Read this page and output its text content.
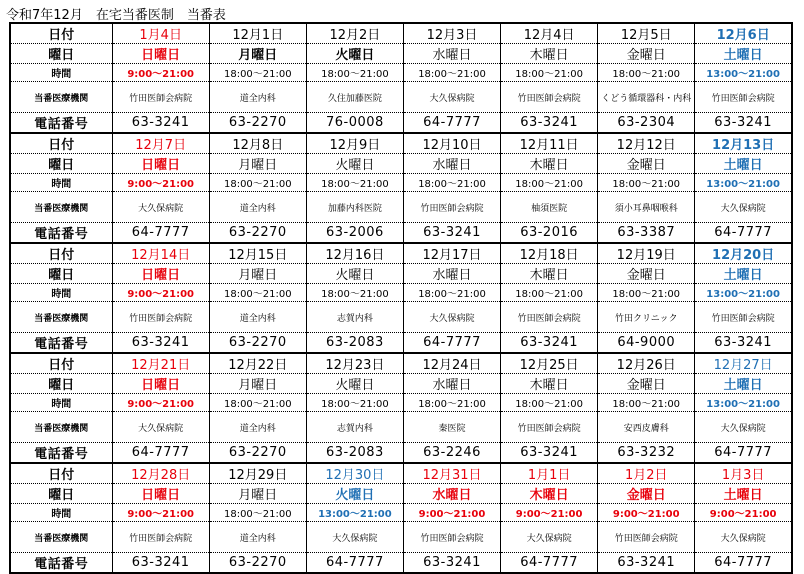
令和7年12月　在宅当番医制　当番表
日付	1月4日	12月1日	12月2日	12月3日	12月4日	12月5日	12月6日
曜日	日曜日	月曜日	火曜日	水曜日	木曜日	金曜日	土曜日
時間	9:00～21:00	18:00～21:00	18:00～21:00	18:00～21:00	18:00～21:00	18:00～21:00	13:00～21:00
当番医療機関	竹田医師会病院	道全内科	久住加藤医院	大久保病院	竹田医師会病院	くどう循環器科・内科	竹田医師会病院
電話番号	63-3241	63-2270	76-0008	64-7777	63-3241	63-2304	63-3241
日付	12月7日	12月8日	12月9日	12月10日	12月11日	12月12日	12月13日
曜日	日曜日	月曜日	火曜日	水曜日	木曜日	金曜日	土曜日
時間	9:00～21:00	18:00～21:00	18:00～21:00	18:00～21:00	18:00～21:00	18:00～21:00	13:00～21:00
当番医療機関	大久保病院	道全内科	加藤内科医院	竹田医師会病院	柚須医院	須小耳鼻咽喉科	大久保病院
電話番号	64-7777	63-2270	63-2006	63-3241	63-2016	63-3387	64-7777
日付	12月14日	12月15日	12月16日	12月17日	12月18日	12月19日	12月20日
曜日	日曜日	月曜日	火曜日	水曜日	木曜日	金曜日	土曜日
時間	9:00～21:00	18:00～21:00	18:00～21:00	18:00～21:00	18:00～21:00	18:00～21:00	13:00～21:00
当番医療機関	竹田医師会病院	道全内科	志賀内科	大久保病院	竹田医師会病院	竹田クリニック	竹田医師会病院
電話番号	63-3241	63-2270	63-2083	64-7777	63-3241	64-9000	63-3241
日付	12月21日	12月22日	12月23日	12月24日	12月25日	12月26日	12月27日
曜日	日曜日	月曜日	火曜日	水曜日	木曜日	金曜日	土曜日
時間	9:00～21:00	18:00～21:00	18:00～21:00	18:00～21:00	18:00～21:00	18:00～21:00	13:00～21:00
当番医療機関	大久保病院	道全内科	志賀内科	秦医院	竹田医師会病院	安西皮膚科	大久保病院
電話番号	64-7777	63-2270	63-2083	63-2246	63-3241	63-3232	64-7777
日付	12月28日	12月29日	12月30日	12月31日	1月1日	1月2日	1月3日
曜日	日曜日	月曜日	火曜日	水曜日	木曜日	金曜日	土曜日
時間	9:00～21:00	18:00～21:00	13:00～21:00	9:00～21:00	9:00～21:00	9:00～21:00	9:00～21:00
当番医療機関	竹田医師会病院	道全内科	大久保病院	竹田医師会病院	大久保病院	竹田医師会病院	大久保病院
電話番号	63-3241	63-2270	64-7777	63-3241	64-7777	63-3241	64-7777
